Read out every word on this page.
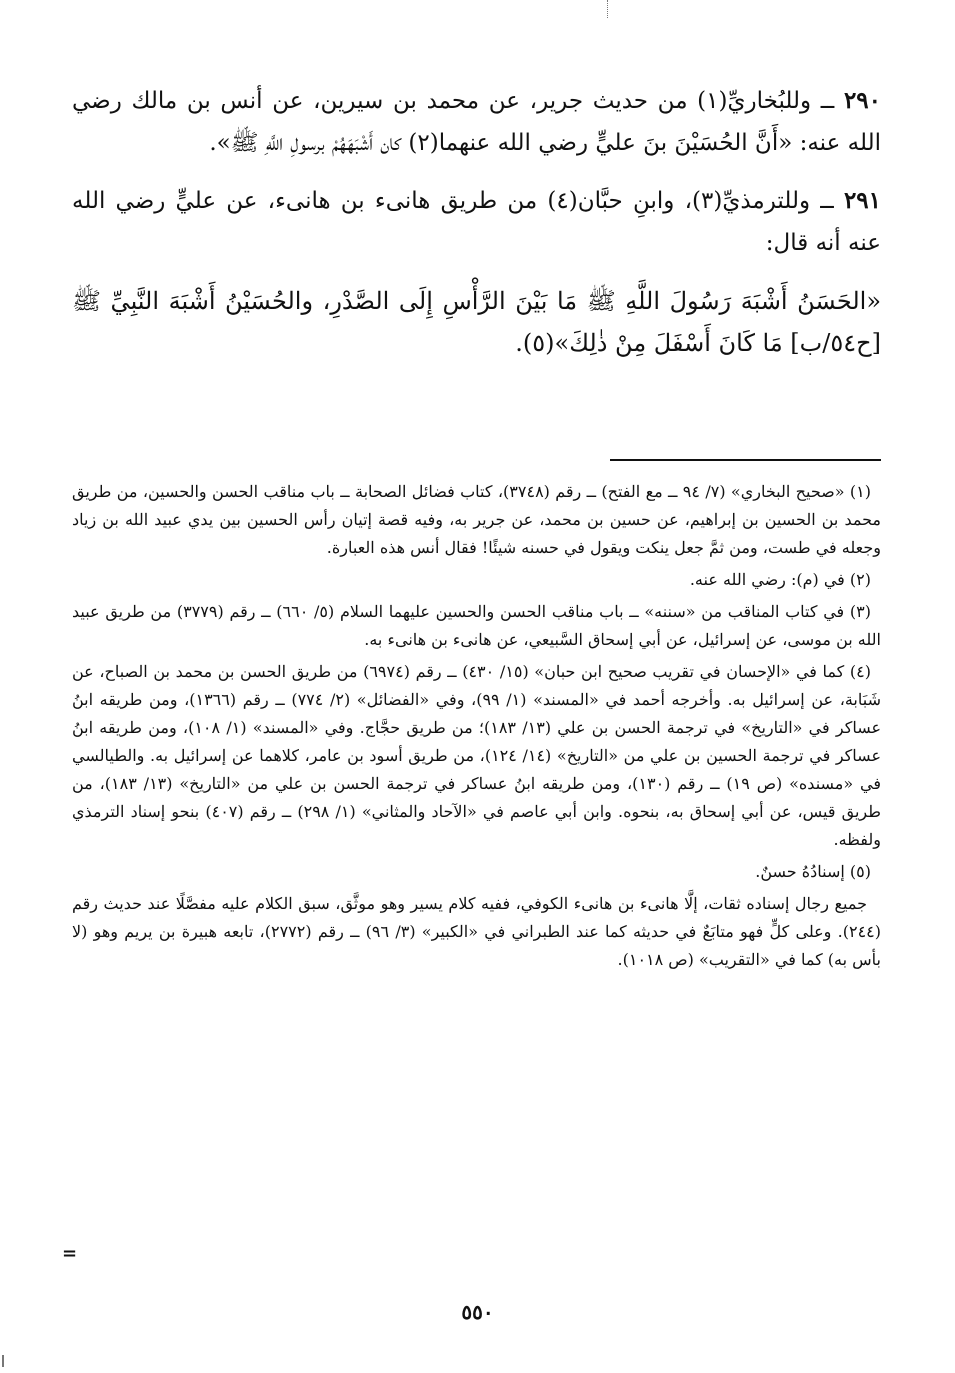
٢٩٠ ــ وللبُخاريِّ(١) من حديث جرير، عن محمد بن سيرين، عن أنس بن مالك رضي الله عنه: «أَنَّ الحُسَيْنَ بنَ عليٍّ رضي الله عنهما(٢) كان أَشْبَهَهُمْ برسولِ اللَّهِ ﷺ».

٢٩١ ــ وللترمذيِّ(٣)، وابنِ حبَّان(٤) من طريق هانىء بن هانىء، عن عليٍّ رضي الله عنه أنه قال:

«الحَسَنُ أَشْبَهَ رَسُولَ اللَّهِ ﷺ مَا بَيْنَ الرَّأْسِ إِلَى الصَّدْرِ، والحُسَيْنُ أَشْبَهَ النَّبِيِّ ﷺ [ح٥٤/ب] مَا كَانَ أَسْفَلَ مِنْ ذٰلِكَ»(٥).

(١) «صحيح البخاري» (٧/ ٩٤ ــ مع الفتح) ــ رقم (٣٧٤٨)، كتاب فضائل الصحابة ــ باب مناقب الحسن والحسين، من طريق محمد بن الحسين بن إبراهيم، عن حسين بن محمد، عن جرير به، وفيه قصة إتيان رأس الحسين بين يدي عبيد الله بن زياد وجعله في طست، ومن ثمَّ جعل ينكت ويقول في حسنه شيئًا! فقال أنس هذه العبارة.

(٢) في (م): رضي الله عنه.

(٣) في كتاب المناقب من «سننه» ــ باب مناقب الحسن والحسين عليهما السلام (٥/ ٦٦٠) ــ رقم (٣٧٧٩) من طريق عبيد الله بن موسى، عن إسرائيل، عن أبي إسحاق السَّبيعي، عن هانىء بن هانىء به.

(٤) كما في «الإحسان في تقريب صحيح ابن حبان» (١٥/ ٤٣٠) ــ رقم (٦٩٧٤) من طريق الحسن بن محمد بن الصباح، عن شَبَابة، عن إسرائيل به. وأخرجه أحمد في «المسند» (١/ ٩٩)، وفي «الفضائل» (٢/ ٧٧٤) ــ رقم (١٣٦٦)، ومن طريقه ابنُ عساكر في «التاريخ» في ترجمة الحسن بن علي (١٣/ ١٨٣)؛ من طريق حجَّاج. وفي «المسند» (١/ ١٠٨)، ومن طريقه ابنُ عساكر في ترجمة الحسين بن علي من «التاريخ» (١٤/ ١٢٤)، من طريق أسود بن عامر، كلاهما عن إسرائيل به. والطيالسي في «مسنده» (ص ١٩) ــ رقم (١٣٠)، ومن طريقه ابنُ عساكر في ترجمة الحسن بن علي من «التاريخ» (١٣/ ١٨٣)، من طريق قيس، عن أبي إسحاق به، بنحوه. وابن أبي عاصم في «الآحاد والمثاني» (١/ ٢٩٨) ــ رقم (٤٠٧) بنحو إسناد الترمذي ولفظه.

(٥) إسنادُهُ حسنٌ.

جميع رجال إسناده ثقات، إلَّا هانىء بن هانىء الكوفي، ففيه كلام يسير وهو موثَّق، سبق الكلام عليه مفصَّلًا عند حديث رقم (٢٤٤). وعلى كلٍّ فهو متابَعٌ في حديثه كما عند الطبراني في «الكبير» (٣/ ٩٦) ــ رقم (٢٧٧٢)، تابعه هبيرة بن يريم وهو (لا بأس به) كما في «التقريب» (ص ١٠١٨).

=
٥٥٠
